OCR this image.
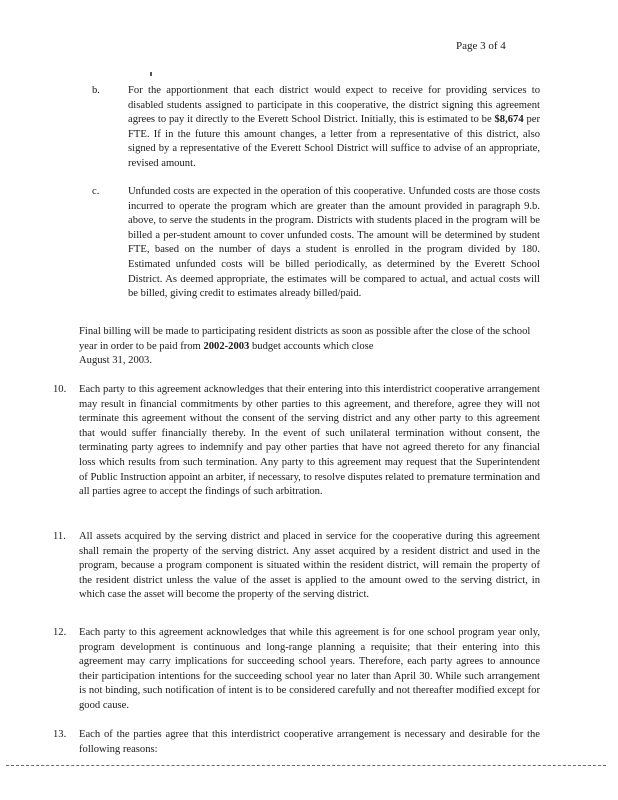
Page 3 of 4
b.	For the apportionment that each district would expect to receive for providing services to disabled students assigned to participate in this cooperative, the district signing this agreement agrees to pay it directly to the Everett School District. Initially, this is estimated to be $8,674 per FTE. If in the future this amount changes, a letter from a representative of this district, also signed by a representative of the Everett School District will suffice to advise of an appropriate, revised amount.

c.	Unfunded costs are expected in the operation of this cooperative. Unfunded costs are those costs incurred to operate the program which are greater than the amount provided in paragraph 9.b. above, to serve the students in the program. Districts with students placed in the program will be billed a per-student amount to cover unfunded costs. The amount will be determined by student FTE, based on the number of days a student is enrolled in the program divided by 180. Estimated unfunded costs will be billed periodically, as determined by the Everett School District. As deemed appropriate, the estimates will be compared to actual, and actual costs will be billed, giving credit to estimates already billed/paid.

Final billing will be made to participating resident districts as soon as possible after the close of the school year in order to be paid from 2002-2003 budget accounts which close
August 31, 2003.

10. Each party to this agreement acknowledges that their entering into this interdistrict cooperative arrangement may result in financial commitments by other parties to this agreement, and therefore, agree they will not terminate this agreement without the consent of the serving district and any other party to this agreement that would suffer financially thereby. In the event of such unilateral termination without consent, the terminating party agrees to indemnify and pay other parties that have not agreed thereto for any financial loss which results from such termination. Any party to this agreement may request that the Superintendent of Public Instruction appoint an arbiter, if necessary, to resolve disputes related to premature termination and all parties agree to accept the findings of such arbitration.

11. All assets acquired by the serving district and placed in service for the cooperative during this agreement shall remain the property of the serving district. Any asset acquired by a resident district and used in the program, because a program component is situated within the resident district, will remain the property of the resident district unless the value of the asset is applied to the amount owed to the serving district, in which case the asset will become the property of the serving district.

12. Each party to this agreement acknowledges that while this agreement is for one school program year only, program development is continuous and long-range planning a requisite; that their entering into this agreement may carry implications for succeeding school years. Therefore, each party agrees to announce their participation intentions for the succeeding school year no later than April 30. While such arrangement is not binding, such notification of intent is to be considered carefully and not thereafter modified except for good cause.

13. Each of the parties agree that this interdistrict cooperative arrangement is necessary and desirable for the following reasons:
